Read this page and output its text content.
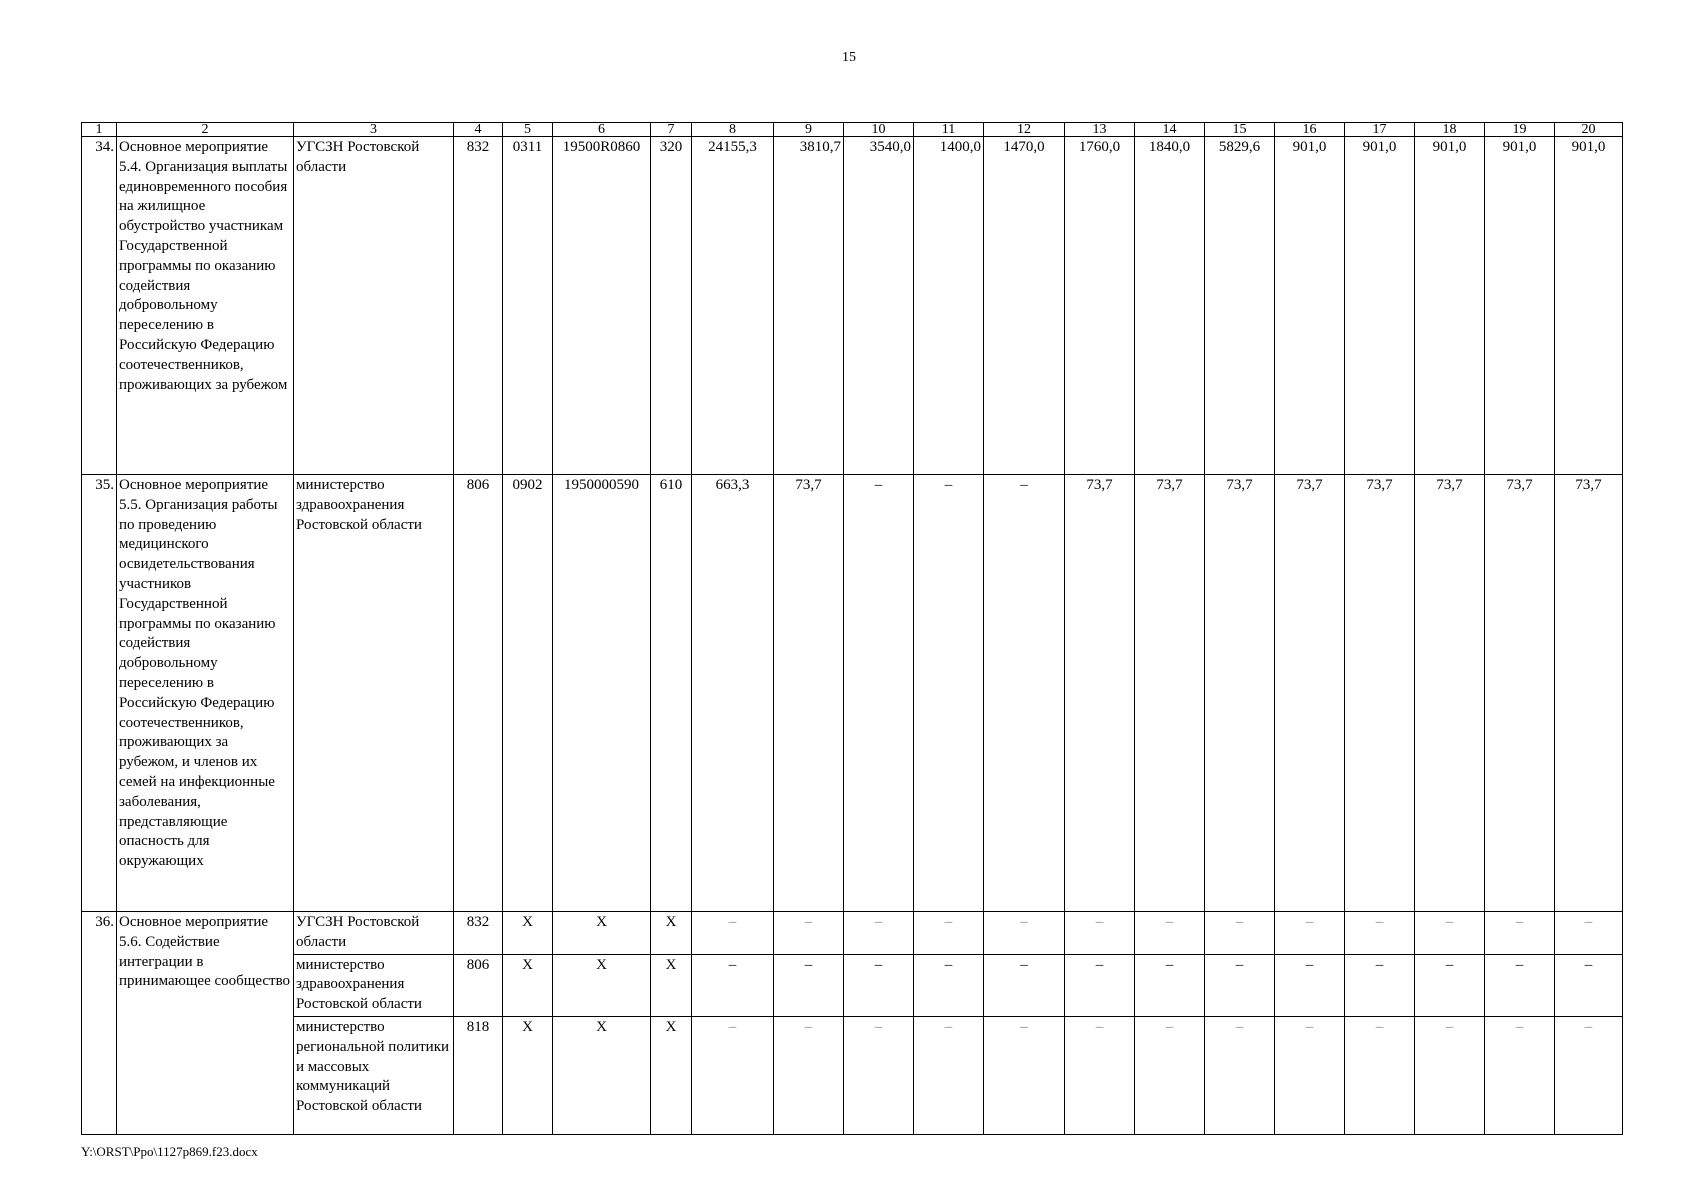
15
1	2	3	4	5	6	7	8	9	10	11	12	13	14	15	16	17	18	19	20
34.	Основное мероприятие 5.4. Организация выплаты единовременного пособия на жилищное обустройство участникам Государственной программы по оказанию содействия добровольному переселению в Российскую Федерацию соотечественников, проживающих за рубежом	УГСЗН Ростовской области	832	0311	19500R0860	320	24155,3	3810,7	3540,0	1400,0	1470,0	1760,0	1840,0	5829,6	901,0	901,0	901,0	901,0	901,0
35.	Основное мероприятие 5.5. Организация работы по проведению медицинского освидетельствования участников Государственной программы по оказанию содействия добровольному переселению в Российскую Федерацию соотечественников, проживающих за рубежом, и членов их семей на инфекционные заболевания, представляющие опасность для окружающих	министерство здравоохранения Ростовской области	806	0902	1950000590	610	663,3	73,7	–	–	–	73,7	73,7	73,7	73,7	73,7	73,7	73,7	73,7
36.	Основное мероприятие 5.6. Содействие интеграции в принимающее сообщество	УГСЗН Ростовской области	832	Х	Х	Х	–	–	–	–	–	–	–	–	–	–	–	–	–
		министерство здравоохранения Ростовской области	806	Х	Х	Х	–	–	–	–	–	–	–	–	–	–	–	–	–
		министерство региональной политики и массовых коммуникаций Ростовской области	818	Х	Х	Х	–	–	–	–	–	–	–	–	–	–	–	–	–
Y:\ORST\Ppo\1127p869.f23.docx
